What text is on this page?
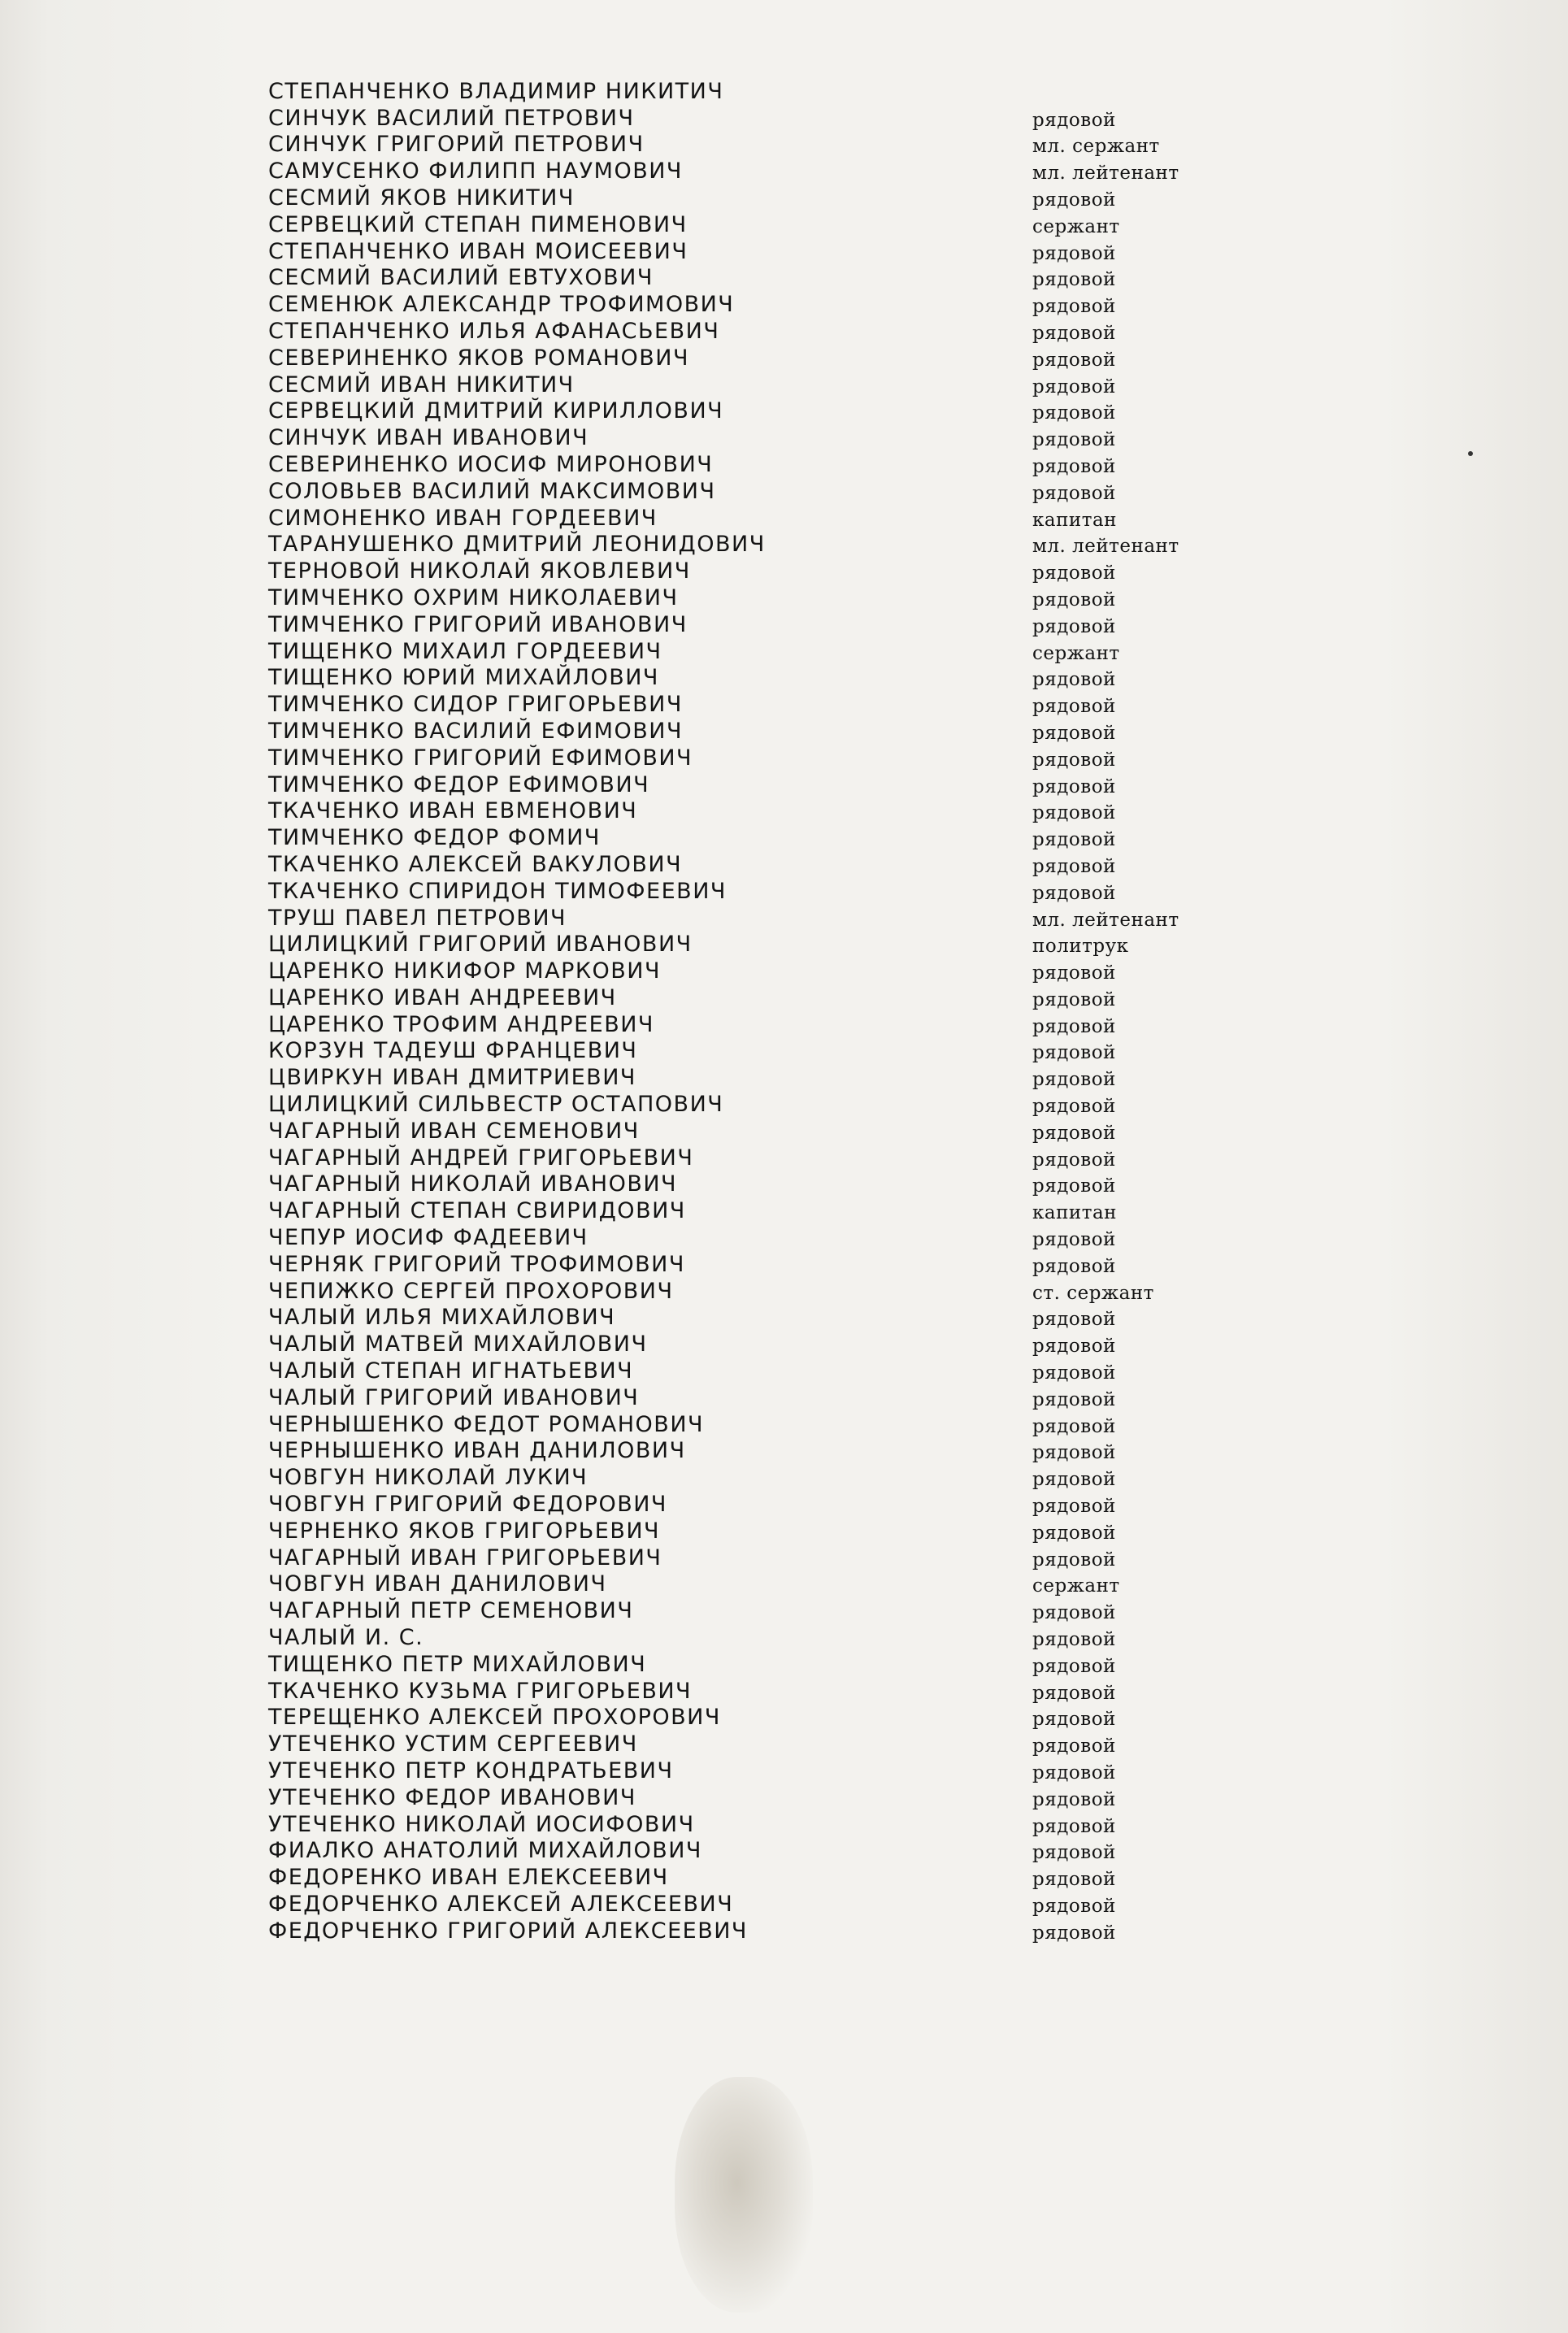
СТЕПАНЧЕНКО ВЛАДИМИР НИКИТИЧ
СИНЧУК ВАСИЛИЙ ПЕТРОВИЧ	рядовой
СИНЧУК ГРИГОРИЙ ПЕТРОВИЧ	мл. сержант
САМУСЕНКО ФИЛИПП НАУМОВИЧ	мл. лейтенант
СЕСМИЙ ЯКОВ НИКИТИЧ	рядовой
СЕРВЕЦКИЙ СТЕПАН ПИМЕНОВИЧ	сержант
СТЕПАНЧЕНКО ИВАН МОИСЕЕВИЧ	рядовой
СЕСМИЙ ВАСИЛИЙ ЕВТУХОВИЧ	рядовой
СЕМЕНЮК АЛЕКСАНДР ТРОФИМОВИЧ	рядовой
СТЕПАНЧЕНКО ИЛЬЯ АФАНАСЬЕВИЧ	рядовой
СЕВЕРИНЕНКО ЯКОВ РОМАНОВИЧ	рядовой
СЕСМИЙ ИВАН НИКИТИЧ	рядовой
СЕРВЕЦКИЙ ДМИТРИЙ КИРИЛЛОВИЧ	рядовой
СИНЧУК ИВАН ИВАНОВИЧ	рядовой
СЕВЕРИНЕНКО ИОСИФ МИРОНОВИЧ	рядовой
СОЛОВЬЕВ ВАСИЛИЙ МАКСИМОВИЧ	рядовой
СИМОНЕНКО ИВАН ГОРДЕЕВИЧ	капитан
ТАРАНУШЕНКО ДМИТРИЙ ЛЕОНИДОВИЧ	мл. лейтенант
ТЕРНОВОЙ НИКОЛАЙ ЯКОВЛЕВИЧ	рядовой
ТИМЧЕНКО ОХРИМ НИКОЛАЕВИЧ	рядовой
ТИМЧЕНКО ГРИГОРИЙ ИВАНОВИЧ	рядовой
ТИЩЕНКО МИХАИЛ ГОРДЕЕВИЧ	сержант
ТИЩЕНКО ЮРИЙ МИХАЙЛОВИЧ	рядовой
ТИМЧЕНКО СИДОР ГРИГОРЬЕВИЧ	рядовой
ТИМЧЕНКО ВАСИЛИЙ ЕФИМОВИЧ	рядовой
ТИМЧЕНКО ГРИГОРИЙ ЕФИМОВИЧ	рядовой
ТИМЧЕНКО ФЕДОР ЕФИМОВИЧ	рядовой
ТКАЧЕНКО ИВАН ЕВМЕНОВИЧ	рядовой
ТИМЧЕНКО ФЕДОР ФОМИЧ	рядовой
ТКАЧЕНКО АЛЕКСЕЙ ВАКУЛОВИЧ	рядовой
ТКАЧЕНКО СПИРИДОН ТИМОФЕЕВИЧ	рядовой
ТРУШ ПАВЕЛ ПЕТРОВИЧ	мл. лейтенант
ЦИЛИЦКИЙ ГРИГОРИЙ ИВАНОВИЧ	политрук
ЦАРЕНКО НИКИФОР МАРКОВИЧ	рядовой
ЦАРЕНКО ИВАН АНДРЕЕВИЧ	рядовой
ЦАРЕНКО ТРОФИМ АНДРЕЕВИЧ	рядовой
КОРЗУН ТАДЕУШ ФРАНЦЕВИЧ	рядовой
ЦВИРКУН ИВАН ДМИТРИЕВИЧ	рядовой
ЦИЛИЦКИЙ СИЛЬВЕСТР ОСТАПОВИЧ	рядовой
ЧАГАРНЫЙ ИВАН СЕМЕНОВИЧ	рядовой
ЧАГАРНЫЙ АНДРЕЙ ГРИГОРЬЕВИЧ	рядовой
ЧАГАРНЫЙ НИКОЛАЙ ИВАНОВИЧ	рядовой
ЧАГАРНЫЙ СТЕПАН СВИРИДОВИЧ	капитан
ЧЕПУР ИОСИФ ФАДЕЕВИЧ	рядовой
ЧЕРНЯК ГРИГОРИЙ ТРОФИМОВИЧ	рядовой
ЧЕПИЖКО СЕРГЕЙ ПРОХОРОВИЧ	ст. сержант
ЧАЛЫЙ ИЛЬЯ МИХАЙЛОВИЧ	рядовой
ЧАЛЫЙ МАТВЕЙ МИХАЙЛОВИЧ	рядовой
ЧАЛЫЙ СТЕПАН ИГНАТЬЕВИЧ	рядовой
ЧАЛЫЙ ГРИГОРИЙ ИВАНОВИЧ	рядовой
ЧЕРНЫШЕНКО ФЕДОТ РОМАНОВИЧ	рядовой
ЧЕРНЫШЕНКО ИВАН ДАНИЛОВИЧ	рядовой
ЧОВГУН НИКОЛАЙ ЛУКИЧ	рядовой
ЧОВГУН ГРИГОРИЙ ФЕДОРОВИЧ	рядовой
ЧЕРНЕНКО ЯКОВ ГРИГОРЬЕВИЧ	рядовой
ЧАГАРНЫЙ ИВАН ГРИГОРЬЕВИЧ	рядовой
ЧОВГУН ИВАН ДАНИЛОВИЧ	сержант
ЧАГАРНЫЙ ПЕТР СЕМЕНОВИЧ	рядовой
ЧАЛЫЙ И. С.	рядовой
ТИЩЕНКО ПЕТР МИХАЙЛОВИЧ	рядовой
ТКАЧЕНКО КУЗЬМА ГРИГОРЬЕВИЧ	рядовой
ТЕРЕЩЕНКО АЛЕКСЕЙ ПРОХОРОВИЧ	рядовой
УТЕЧЕНКО УСТИМ СЕРГЕЕВИЧ	рядовой
УТЕЧЕНКО ПЕТР КОНДРАТЬЕВИЧ	рядовой
УТЕЧЕНКО ФЕДОР ИВАНОВИЧ	рядовой
УТЕЧЕНКО НИКОЛАЙ ИОСИФОВИЧ	рядовой
ФИАЛКО АНАТОЛИЙ МИХАЙЛОВИЧ	рядовой
ФЕДОРЕНКО ИВАН ЕЛЕКСЕЕВИЧ	рядовой
ФЕДОРЧЕНКО АЛЕКСЕЙ АЛЕКСЕЕВИЧ	рядовой
ФЕДОРЧЕНКО ГРИГОРИЙ АЛЕКСЕЕВИЧ	рядовой
